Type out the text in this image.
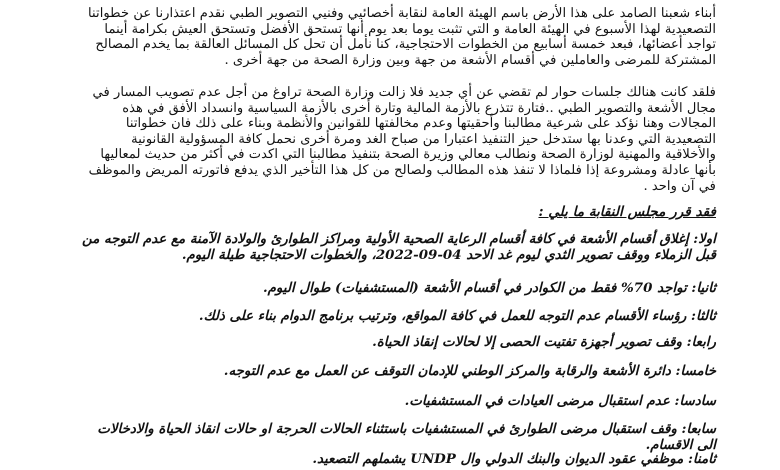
أبناء شعبنا الصامد على هذا الأرض باسم الهيئة العامة لنقابة أخصائيي وفنيي التصوير الطبي نقدم اعتذارنا عن خطواتنا التصعيدية لهذا الأسبوع في الهيئة العامة و التي تثبت يوما بعد يوم أنها تستحق الأفضل وتستحق العيش بكرامة أينما تواجد أعضائها، فبعد خمسة أسابيع من الخطوات الاحتجاجية، كنا نأمل أن تحل كل المسائل العالقة بما يخدم المصالح المشتركة للمرضى والعاملين في أقسام الأشعة من جهة وبين وزارة الصحة من جهة أخرى .

فلقد كانت هنالك جلسات حوار لم تقضي عن أي جديد فلا زالت وزارة الصحة تراوغ من أجل عدم تصويب المسار في مجال الأشعة والتصوير الطبي ..فتارة تتذرع بالأزمة المالية وتارة أخرى بالأزمة السياسية وانسداد الأفق في هذه المجالات وهنا نؤكد على شرعية مطالبنا وأحقيتها وعدم مخالفتها للقوانين والأنظمة وبناء على ذلك فان خطواتنا التصعيدية التي وعدنا بها ستدخل حيز التنفيذ اعتبارا من صباح الغد ومرة أخرى نحمل كافة المسؤولية القانونية والأخلاقية والمهنية لوزارة الصحة ونطالب معالي وزيرة الصحة بتنفيذ مطالبنا التي اكدت في أكثر من حديث لمعاليها بأنها عادلة ومشروعة إذا فلماذا لا تنفذ هذه المطالب ولصالح من كل هذا التأخير الذي يدفع فاتورته المريض والموظف في آن واحد .

فقد قرر مجلس النقابة ما يلي :

اولا: إغلاق أقسام الأشعة في كافة أقسام الرعاية الصحية الأولية ومراكز الطوارئ والولادة الآمنة مع عدم التوجه من قبل الزملاء ووقف تصوير الثدي ليوم غد الاحد 04-09-2022، والخطوات الاحتجاجية طيلة اليوم.

ثانيا: تواجد 70% فقط من الكوادر في أقسام الأشعة (المستشفيات) طوال اليوم.

ثالثا: رؤساء الأقسام عدم التوجه للعمل في كافة المواقع، وترتيب برنامج الدوام بناء على ذلك.

رابعا: وقف تصوير أجهزة تفتيت الحصى إلا لحالات إنقاذ الحياة.

خامسا: دائرة الأشعة والرقابة والمركز الوطني للإدمان التوقف عن العمل مع عدم التوجه.

سادسا: عدم استقبال مرضى العيادات في المستشفيات.

سابعا: وقف استقبال مرضى الطوارئ في المستشفيات باستثناء الحالات الحرجة او حالات انقاذ الحياة والادخالات الى الاقسام.

ثامنا: موظفي عقود الديوان والبنك الدولي وال UNDP يشملهم التصعيد.
